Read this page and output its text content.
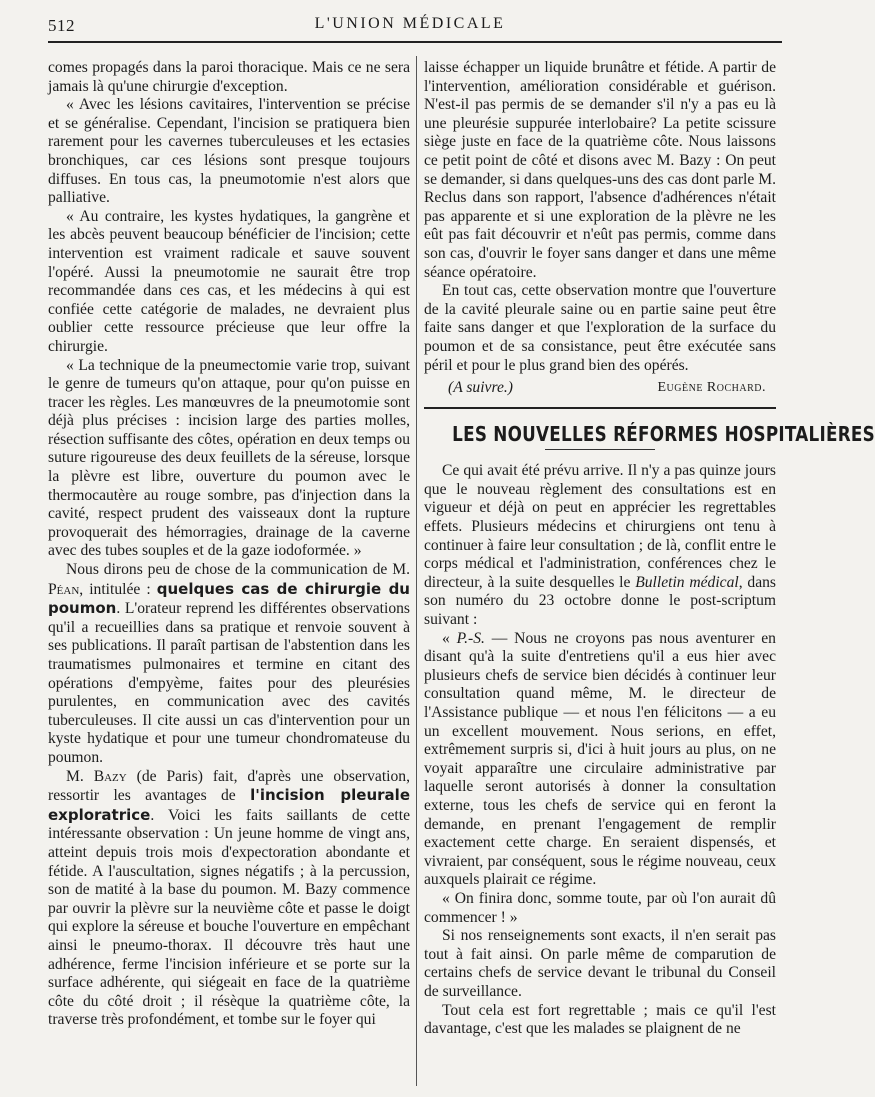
512	L'UNION MÉDICALE

comes propagés dans la paroi thoracique. Mais ce ne sera jamais là qu'une chirurgie d'exception.

« Avec les lésions cavitaires, l'intervention se précise et se généralise. Cependant, l'incision se pratiquera bien rarement pour les cavernes tuberculeuses et les ectasies bronchiques, car ces lésions sont presque toujours diffuses. En tous cas, la pneumotomie n'est alors que palliative.

« Au contraire, les kystes hydatiques, la gangrène et les abcès peuvent beaucoup bénéficier de l'incision; cette intervention est vraiment radicale et sauve souvent l'opéré. Aussi la pneumotomie ne saurait être trop recommandée dans ces cas, et les médecins à qui est confiée cette catégorie de malades, ne devraient plus oublier cette ressource précieuse que leur offre la chirurgie.

« La technique de la pneumectomie varie trop, suivant le genre de tumeurs qu'on attaque, pour qu'on puisse en tracer les règles. Les manœuvres de la pneumotomie sont déjà plus précises : incision large des parties molles, résection suffisante des côtes, opération en deux temps ou suture rigoureuse des deux feuillets de la séreuse, lorsque la plèvre est libre, ouverture du poumon avec le thermocautère au rouge sombre, pas d'injection dans la cavité, respect prudent des vaisseaux dont la rupture provoquerait des hémorragies, drainage de la caverne avec des tubes souples et de la gaze iodoformée. »

Nous dirons peu de chose de la communication de M. Péan, intitulée : quelques cas de chirurgie du poumon. L'orateur reprend les différentes observations qu'il a recueillies dans sa pratique et renvoie souvent à ses publications. Il paraît partisan de l'abstention dans les traumatismes pulmonaires et termine en citant des opérations d'empyème, faites pour des pleurésies purulentes, en communication avec des cavités tuberculeuses. Il cite aussi un cas d'intervention pour un kyste hydatique et pour une tumeur chondromateuse du poumon.

M. Bazy (de Paris) fait, d'après une observation, ressortir les avantages de l'incision pleurale exploratrice. Voici les faits saillants de cette intéressante observation : Un jeune homme de vingt ans, atteint depuis trois mois d'expectoration abondante et fétide. A l'auscultation, signes négatifs ; à la percussion, son de matité à la base du poumon. M. Bazy commence par ouvrir la plèvre sur la neuvième côte et passe le doigt qui explore la séreuse et bouche l'ouverture en empêchant ainsi le pneumo-thorax. Il découvre très haut une adhérence, ferme l'incision inférieure et se porte sur la surface adhérente, qui siégeait en face de la quatrième côte du côté droit ; il résèque la quatrième côte, la traverse très profondément, et tombe sur le foyer qui

laisse échapper un liquide brunâtre et fétide. A partir de l'intervention, amélioration considérable et guérison. N'est-il pas permis de se demander s'il n'y a pas eu là une pleurésie suppurée interlobaire? La petite scissure siège juste en face de la quatrième côte. Nous laissons ce petit point de côté et disons avec M. Bazy : On peut se demander, si dans quelques-uns des cas dont parle M. Reclus dans son rapport, l'absence d'adhérences n'était pas apparente et si une exploration de la plèvre ne les eût pas fait découvrir et n'eût pas permis, comme dans son cas, d'ouvrir le foyer sans danger et dans une même séance opératoire.

En tout cas, cette observation montre que l'ouverture de la cavité pleurale saine ou en partie saine peut être faite sans danger et que l'exploration de la surface du poumon et de sa consistance, peut être exécutée sans péril et pour le plus grand bien des opérés.

(A suivre.)	Eugène Rochard.
LES NOUVELLES RÉFORMES HOSPITALIÈRES

Ce qui avait été prévu arrive. Il n'y a pas quinze jours que le nouveau règlement des consultations est en vigueur et déjà on peut en apprécier les regrettables effets. Plusieurs médecins et chirurgiens ont tenu à continuer à faire leur consultation ; de là, conflit entre le corps médical et l'administration, conférences chez le directeur, à la suite desquelles le Bulletin médical, dans son numéro du 23 octobre donne le post-scriptum suivant :

« P.-S. — Nous ne croyons pas nous aventurer en disant qu'à la suite d'entretiens qu'il a eus hier avec plusieurs chefs de service bien décidés à continuer leur consultation quand même, M. le directeur de l'Assistance publique — et nous l'en félicitons — a eu un excellent mouvement. Nous serions, en effet, extrêmement surpris si, d'ici à huit jours au plus, on ne voyait apparaître une circulaire administrative par laquelle seront autorisés à donner la consultation externe, tous les chefs de service qui en feront la demande, en prenant l'engagement de remplir exactement cette charge. En seraient dispensés, et vivraient, par conséquent, sous le régime nouveau, ceux auxquels plairait ce régime.

« On finira donc, somme toute, par où l'on aurait dû commencer ! »

Si nos renseignements sont exacts, il n'en serait pas tout à fait ainsi. On parle même de comparution de certains chefs de service devant le tribunal du Conseil de surveillance.

Tout cela est fort regrettable ; mais ce qu'il l'est davantage, c'est que les malades se plaignent de ne
